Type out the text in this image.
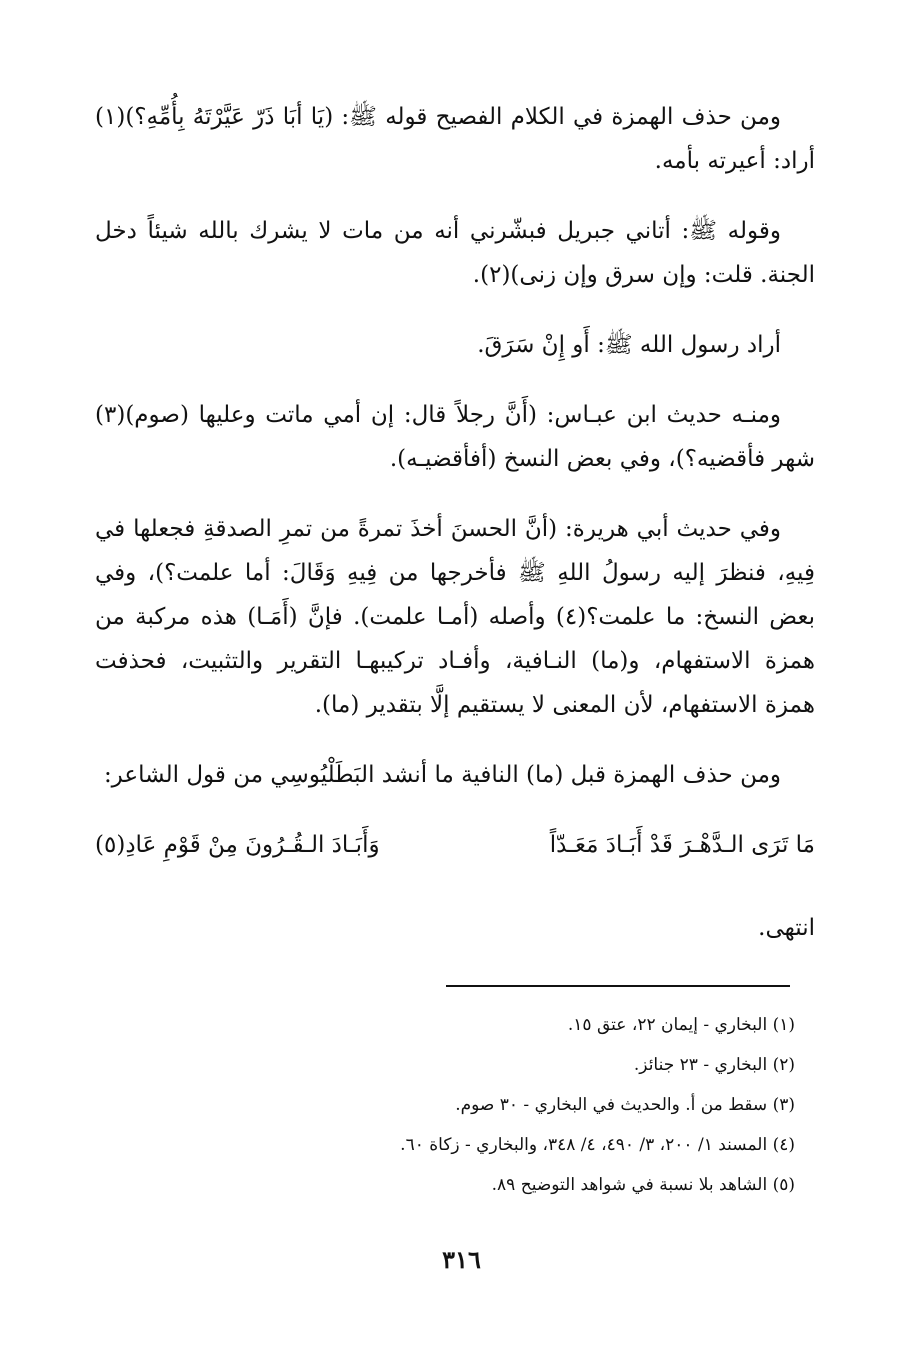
ومن حذف الهمزة في الكلام الفصيح قوله ﷺ: (يَا أبَا ذَرّ عَيَّرْتَهُ بِأُمِّهِ؟)(١) أراد: أعيرته بأمه.

وقوله ﷺ: أتاني جبريل فبشّرني أنه من مات لا يشرك بالله شيئاً دخل الجنة. قلت: وإن سرق وإن زنى)(٢).

أراد رسول الله ﷺ: أَو إِنْ سَرَقَ.

ومنـه حديث ابن عبـاس: (أَنَّ رجلاً قال: إن أمي ماتت وعليها (صوم)(٣) شهر فأقضيه؟)، وفي بعض النسخ (أفأقضيـه).

وفي حديث أبي هريرة: (أنَّ الحسنَ أخذَ تمرةً من تمرِ الصدقةِ فجعلها في فِيهِ، فنظرَ إليه رسولُ اللهِ ﷺ فأخرجها من فِيهِ وَقَالَ: أما علمت؟)، وفي بعض النسخ: ما علمت؟(٤) وأصله (أمـا علمت). فإنَّ (أَمَـا) هذه مركبة من همزة الاستفهام، و(ما) النـافية، وأفـاد تركيبهـا التقرير والتثبيت، فحذفت همزة الاستفهام، لأن المعنى لا يستقيم إلَّا بتقدير (ما).

ومن حذف الهمزة قبل (ما) النافية ما أنشد البَطَلْيُوسِي من قول الشاعر:

مَا تَرَى الـدَّهْـرَ قَدْ أَبَـادَ مَعَـدّاً
وَأَبَـادَ الـقُـرُونَ مِنْ قَوْمِ عَادِ(٥)

انتهى.

(١) البخاري - إيمان ٢٢، عتق ١٥.

(٢) البخاري - ٢٣ جنائز.

(٣) سقط من أ. والحديث في البخاري - ٣٠ صوم.

(٤) المسند ١/ ٢٠٠، ٣/ ٤٩٠، ٤/ ٣٤٨، والبخاري - زكاة ٦٠.

(٥) الشاهد بلا نسبة في شواهد التوضيح ٨٩.

٣١٦
